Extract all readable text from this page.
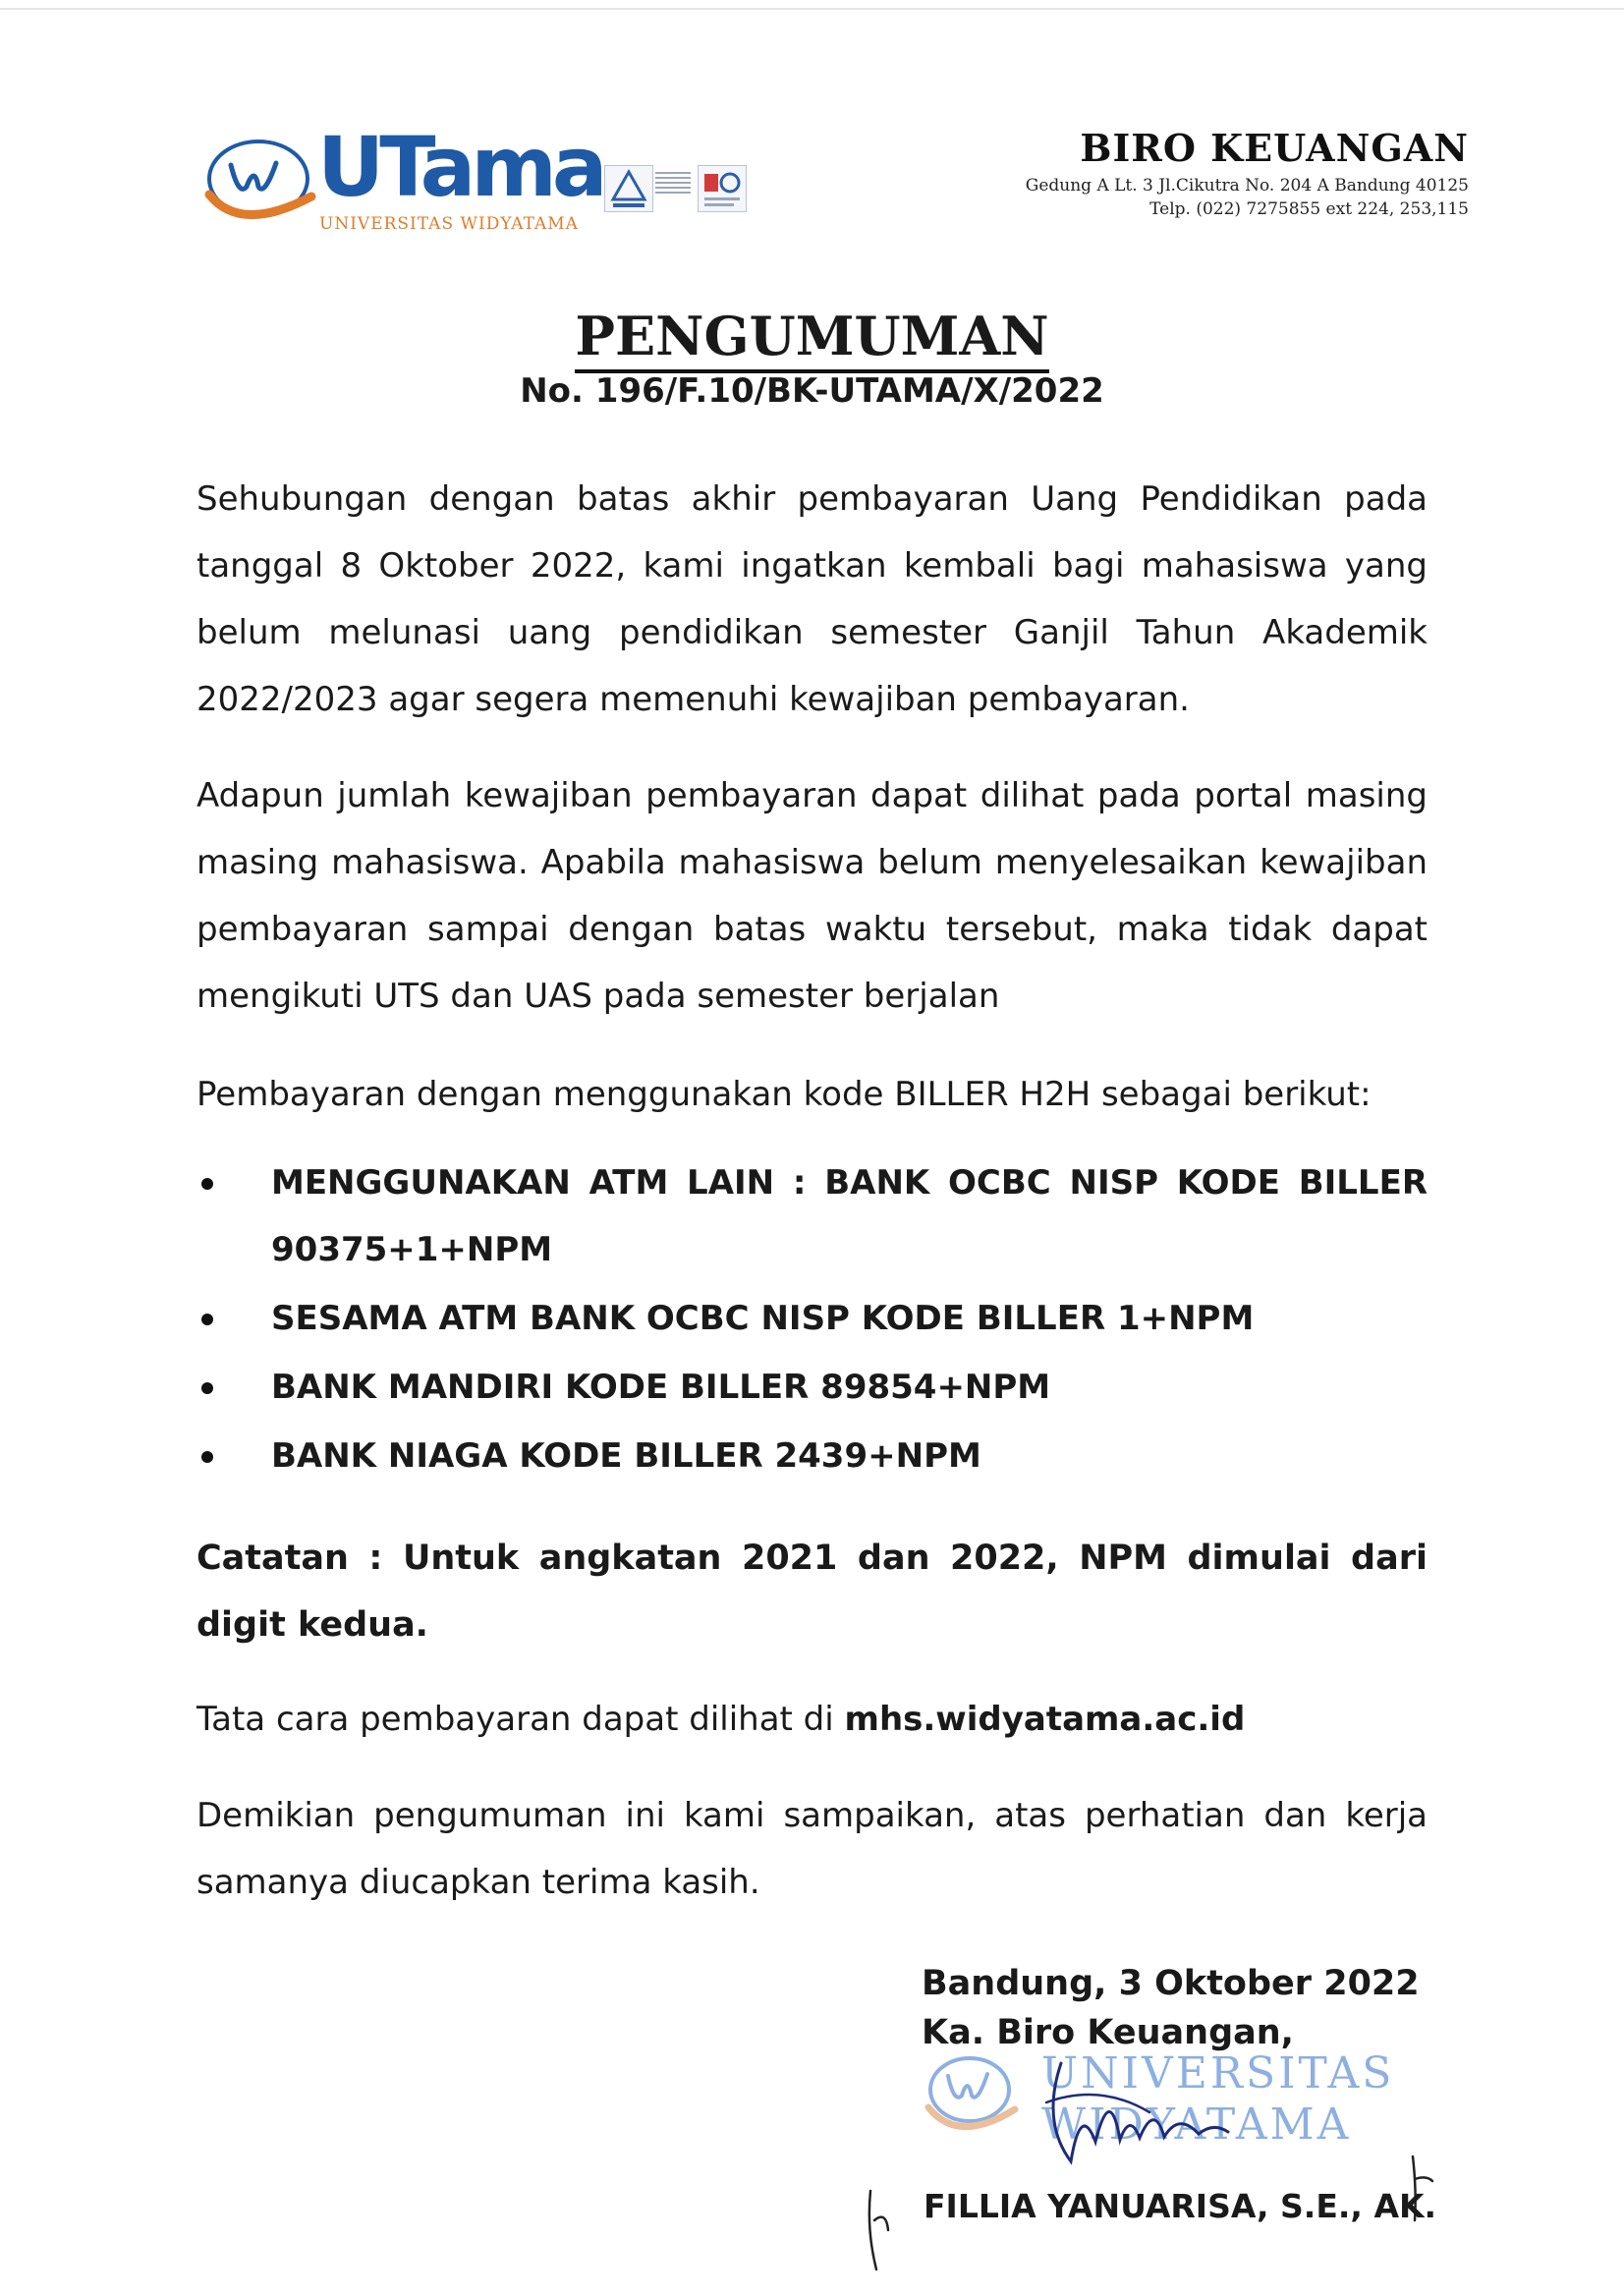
UTama
UNIVERSITAS WIDYATAMA
BIRO KEUANGAN
Gedung A Lt. 3 Jl.Cikutra No. 204 A Bandung 40125
Telp. (022) 7275855 ext 224, 253,115
PENGUMUMAN
No. 196/F.10/BK-UTAMA/X/2022

Sehubungan dengan batas akhir pembayaran Uang Pendidikan pada tanggal 8 Oktober 2022, kami ingatkan kembali bagi mahasiswa yang belum melunasi uang pendidikan semester Ganjil Tahun Akademik 2022/2023 agar segera memenuhi kewajiban pembayaran.

Adapun jumlah kewajiban pembayaran dapat dilihat pada portal masing masing mahasiswa. Apabila mahasiswa belum menyelesaikan kewajiban pembayaran sampai dengan batas waktu tersebut, maka tidak dapat mengikuti UTS dan UAS pada semester berjalan

Pembayaran dengan menggunakan kode BILLER H2H sebagai berikut:

MENGGUNAKAN ATM LAIN : BANK OCBC NISP KODE BILLER 90375+1+NPM
SESAMA ATM BANK OCBC NISP KODE BILLER 1+NPM
BANK MANDIRI KODE BILLER 89854+NPM
BANK NIAGA KODE BILLER 2439+NPM

Catatan : Untuk angkatan 2021 dan 2022, NPM dimulai dari digit kedua.

Tata cara pembayaran dapat dilihat di mhs.widyatama.ac.id

Demikian pengumuman ini kami sampaikan, atas perhatian dan kerja samanya diucapkan terima kasih.

Bandung, 3 Oktober 2022
Ka. Biro Keuangan,
UNIVERSITAS
WIDYATAMA
FILLIA YANUARISA, S.E., AK.
